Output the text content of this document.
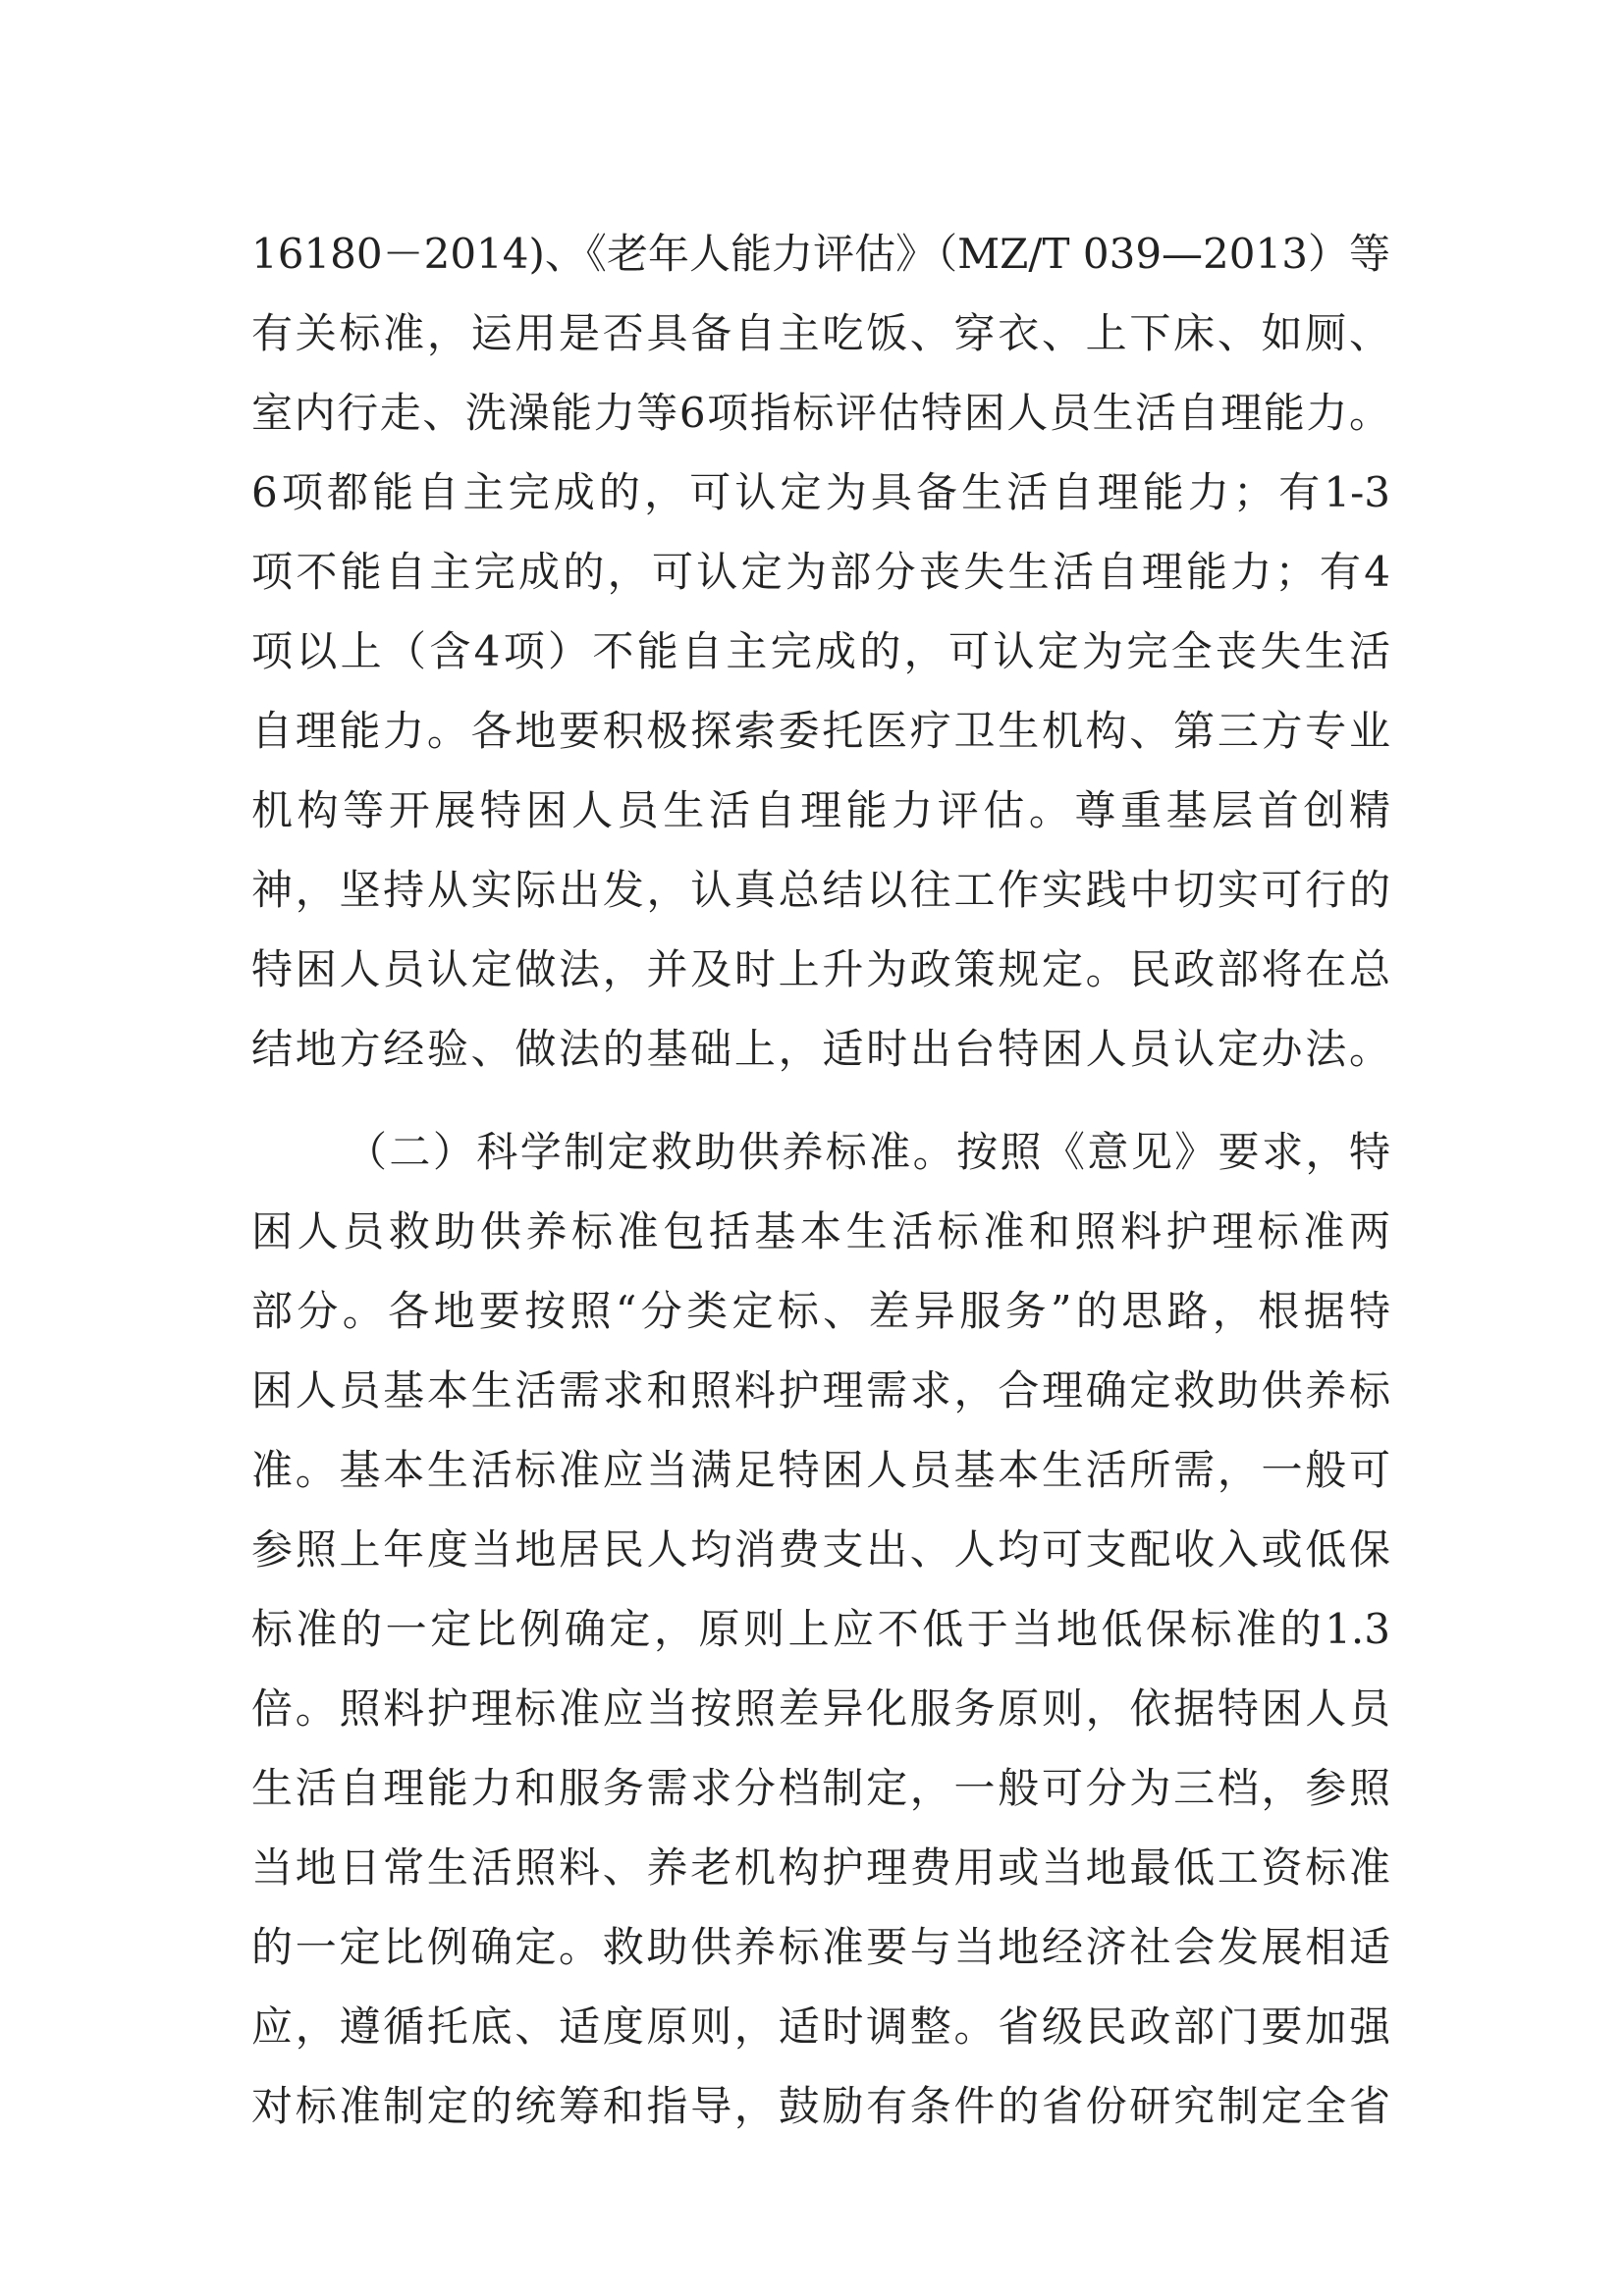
16180－2014)、《老年人能力评估》（MZ/T 039—2013）等
有关标准，运用是否具备自主吃饭、穿衣、上下床、如厕、
室内行走、洗澡能力等6项指标评估特困人员生活自理能力。
6项都能自主完成的，可认定为具备生活自理能力；有1-3
项不能自主完成的，可认定为部分丧失生活自理能力；有4
项以上（含4项）不能自主完成的，可认定为完全丧失生活
自理能力。各地要积极探索委托医疗卫生机构、第三方专业
机构等开展特困人员生活自理能力评估。尊重基层首创精
神，坚持从实际出发，认真总结以往工作实践中切实可行的
特困人员认定做法，并及时上升为政策规定。民政部将在总
结地方经验、做法的基础上，适时出台特困人员认定办法。
（二）科学制定救助供养标准。按照《意见》要求，特
困人员救助供养标准包括基本生活标准和照料护理标准两
部分。各地要按照“分类定标、差异服务”的思路，根据特
困人员基本生活需求和照料护理需求，合理确定救助供养标
准。基本生活标准应当满足特困人员基本生活所需，一般可
参照上年度当地居民人均消费支出、人均可支配收入或低保
标准的一定比例确定，原则上应不低于当地低保标准的1.3
倍。照料护理标准应当按照差异化服务原则，依据特困人员
生活自理能力和服务需求分档制定，一般可分为三档，参照
当地日常生活照料、养老机构护理费用或当地最低工资标准
的一定比例确定。救助供养标准要与当地经济社会发展相适
应，遵循托底、适度原则，适时调整。省级民政部门要加强
对标准制定的统筹和指导，鼓励有条件的省份研究制定全省
